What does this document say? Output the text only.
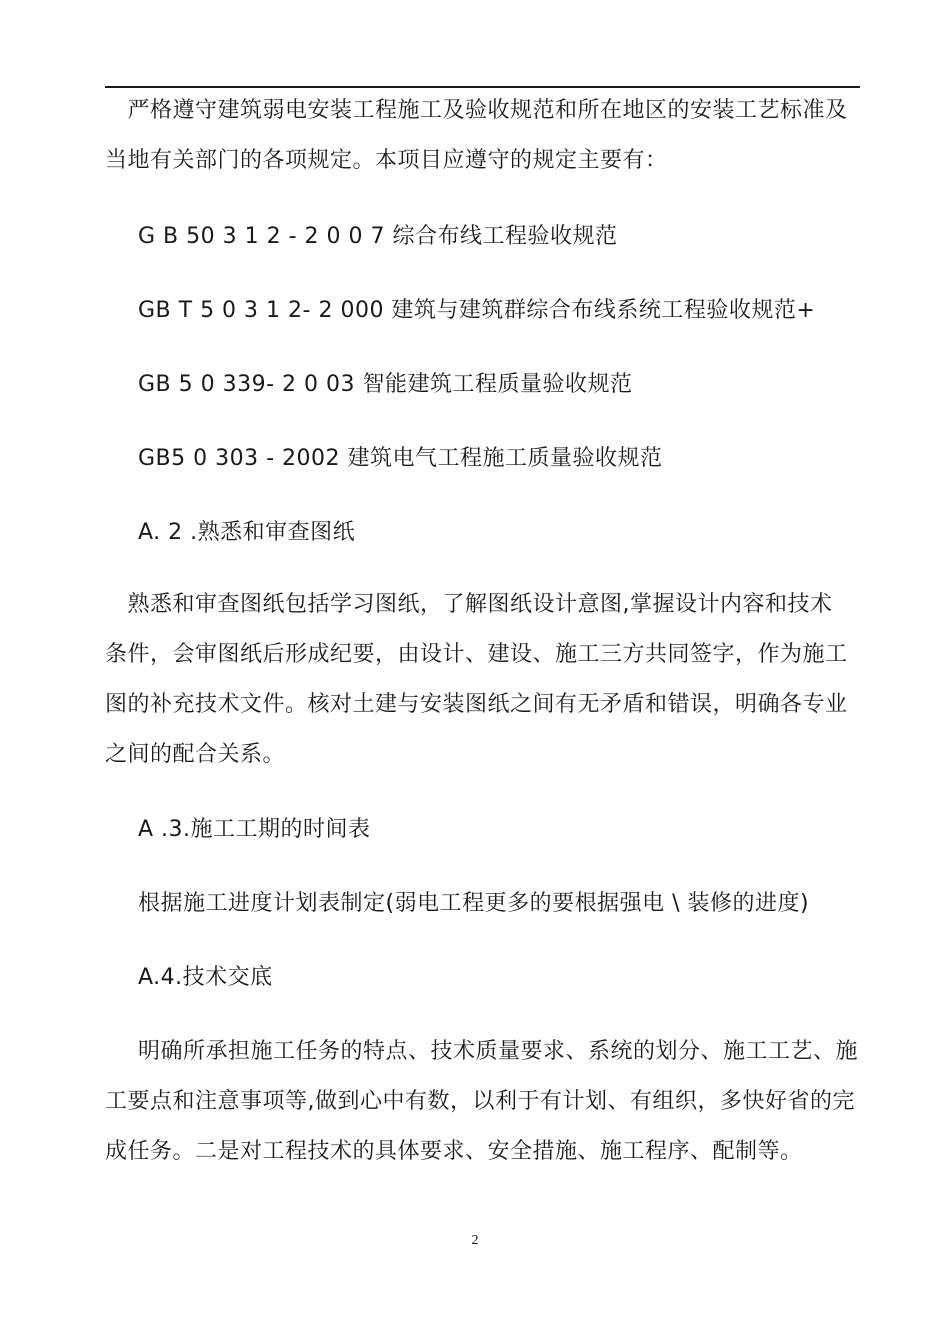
　严格遵守建筑弱电安装工程施工及验收规范和所在地区的安装工艺标准及
当地有关部门的各项规定。本项目应遵守的规定主要有：
G B 50 3 1 2 - 2 0 0 7 综合布线工程验收规范
GB T 5 0 3 1 2- 2 000 建筑与建筑群综合布线系统工程验收规范+
GB 5 0 339- 2 0 03 智能建筑工程质量验收规范
GB5 0 303 - 2002 建筑电气工程施工质量验收规范
A. 2 .熟悉和审查图纸
　熟悉和审查图纸包括学习图纸，了解图纸设计意图,掌握设计内容和技术
条件，会审图纸后形成纪要，由设计、建设、施工三方共同签字，作为施工
图的补充技术文件。核对土建与安装图纸之间有无矛盾和错误，明确各专业
之间的配合关系。
A .3.施工工期的时间表
根据施工进度计划表制定(弱电工程更多的要根据强电 \ 装修的进度)
A.4.技术交底
明确所承担施工任务的特点、技术质量要求、系统的划分、施工工艺、施
工要点和注意事项等,做到心中有数，以利于有计划、有组织，多快好省的完
成任务。二是对工程技术的具体要求、安全措施、施工程序、配制等。
2
